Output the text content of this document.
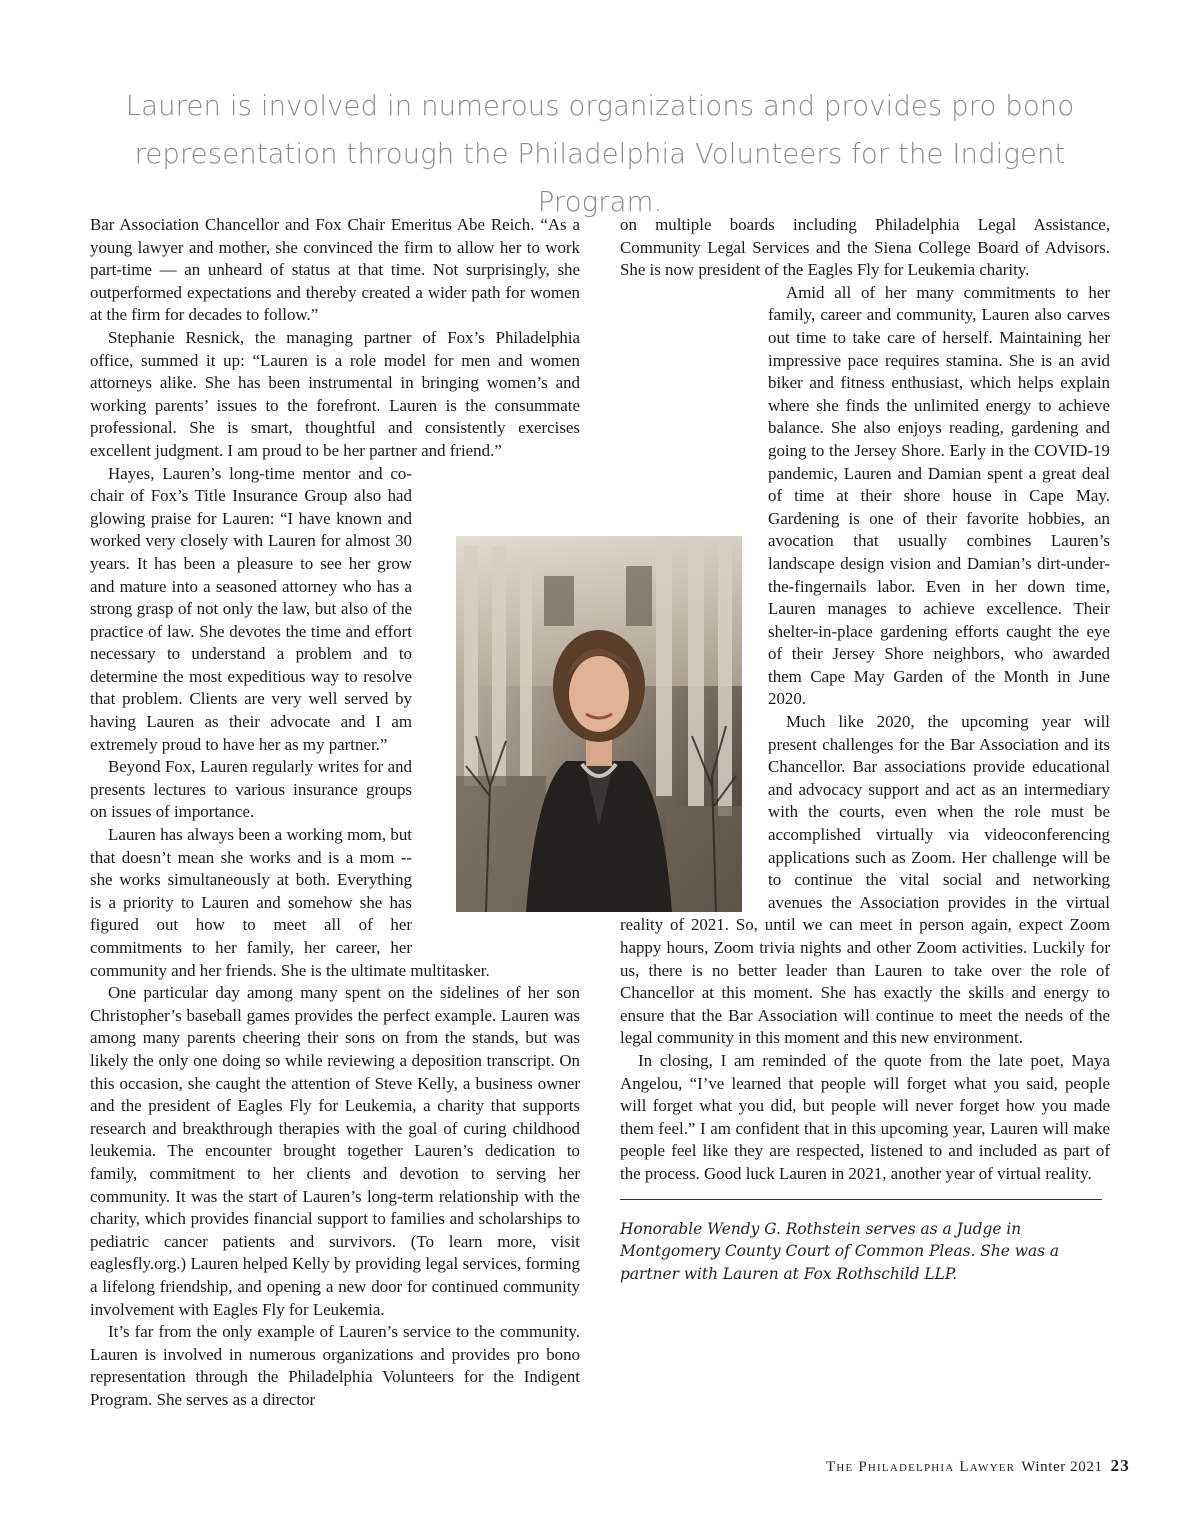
Lauren is involved in numerous organizations and provides pro bono representation through the Philadelphia Volunteers for the Indigent Program.

Bar Association Chancellor and Fox Chair Emeritus Abe Reich. “As a young lawyer and mother, she convinced the firm to allow her to work part-time — an unheard of status at that time. Not surprisingly, she outperformed expectations and thereby created a wider path for women at the firm for decades to follow.”

Stephanie Resnick, the managing partner of Fox’s Philadelphia office, summed it up: “Lauren is a role model for men and women attorneys alike. She has been instrumental in bringing women’s and working parents’ issues to the forefront. Lauren is the consummate professional. She is smart, thoughtful and consistently exercises excellent judgment. I am proud to be her partner and friend.”

Hayes, Lauren’s long-time mentor and co-chair of Fox’s Title Insurance Group also had glowing praise for Lauren: “I have known and worked very closely with Lauren for almost 30 years. It has been a pleasure to see her grow and mature into a seasoned attorney who has a strong grasp of not only the law, but also of the practice of law. She devotes the time and effort necessary to understand a problem and to determine the most expeditious way to resolve that problem. Clients are very well served by having Lauren as their advocate and I am extremely proud to have her as my partner.”

Beyond Fox, Lauren regularly writes for and presents lectures to various insurance groups on issues of importance.

Lauren has always been a working mom, but that doesn’t mean she works and is a mom -- she works simultaneously at both. Everything is a priority to Lauren and somehow she has figured out how to meet all of her commitments to her family, her career, her community and her friends. She is the ultimate multitasker.

One particular day among many spent on the sidelines of her son Christopher’s baseball games provides the perfect example. Lauren was among many parents cheering their sons on from the stands, but was likely the only one doing so while reviewing a deposition transcript. On this occasion, she caught the attention of Steve Kelly, a business owner and the president of Eagles Fly for Leukemia, a charity that supports research and breakthrough therapies with the goal of curing childhood leukemia. The encounter brought together Lauren’s dedication to family, commitment to her clients and devotion to serving her community. It was the start of Lauren’s long-term relationship with the charity, which provides financial support to families and scholarships to pediatric cancer patients and survivors. (To learn more, visit eaglesfly.org.) Lauren helped Kelly by providing legal services, forming a lifelong friendship, and opening a new door for continued community involvement with Eagles Fly for Leukemia.

It’s far from the only example of Lauren’s service to the community. Lauren is involved in numerous organizations and provides pro bono representation through the Philadelphia Volunteers for the Indigent Program. She serves as a director

on multiple boards including Philadelphia Legal Assistance, Community Legal Services and the Siena College Board of Advisors. She is now president of the Eagles Fly for Leukemia charity.

Amid all of her many commitments to her family, career and community, Lauren also carves out time to take care of herself. Maintaining her impressive pace requires stamina. She is an avid biker and fitness enthusiast, which helps explain where she finds the unlimited energy to achieve balance. She also enjoys reading, gardening and going to the Jersey Shore. Early in the COVID-19 pandemic, Lauren and Damian spent a great deal of time at their shore house in Cape May. Gardening is one of their favorite hobbies, an avocation that usually combines Lauren’s landscape design vision and Damian’s dirt-under-the-fingernails labor. Even in her down time, Lauren manages to achieve excellence. Their shelter-in-place gardening efforts caught the eye of their Jersey Shore neighbors, who awarded them Cape May Garden of the Month in June 2020.

Much like 2020, the upcoming year will present challenges for the Bar Association and its Chancellor. Bar associations provide educational and advocacy support and act as an intermediary with the courts, even when the role must be accomplished virtually via videoconferencing applications such as Zoom. Her challenge will be to continue the vital social and networking avenues the Association provides in the virtual reality of 2021. So, until we can meet in person again, expect Zoom happy hours, Zoom trivia nights and other Zoom activities. Luckily for us, there is no better leader than Lauren to take over the role of Chancellor at this moment. She has exactly the skills and energy to ensure that the Bar Association will continue to meet the needs of the legal community in this moment and this new environment.

In closing, I am reminded of the quote from the late poet, Maya Angelou, “I’ve learned that people will forget what you said, people will forget what you did, but people will never forget how you made them feel.” I am confident that in this upcoming year, Lauren will make people feel like they are respected, listened to and included as part of the process. Good luck Lauren in 2021, another year of virtual reality.

Honorable Wendy G. Rothstein serves as a Judge in Montgomery County Court of Common Pleas. She was a partner with Lauren at Fox Rothschild LLP.
The Philadelphia Lawyer Winter 2021 23
